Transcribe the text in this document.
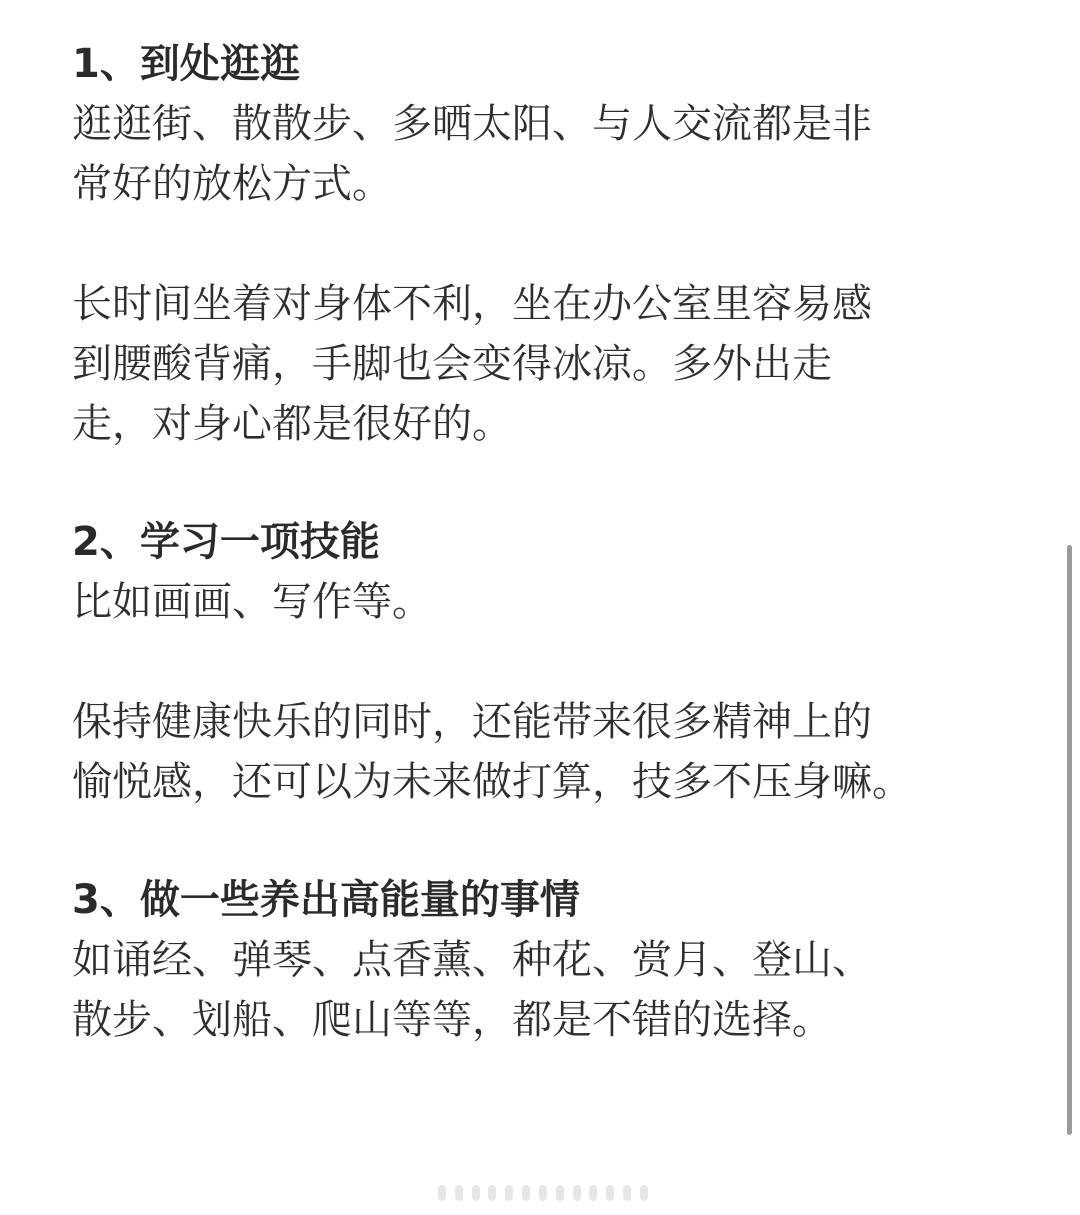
1、到处逛逛

逛逛街、散散步、多晒太阳、与人交流都是非
常好的放松方式。

长时间坐着对身体不利，坐在办公室里容易感
到腰酸背痛，手脚也会变得冰凉。多外出走
走，对身心都是很好的。

2、学习一项技能

比如画画、写作等。

保持健康快乐的同时，还能带来很多精神上的
愉悦感，还可以为未来做打算，技多不压身嘛。

3、做一些养出高能量的事情

如诵经、弹琴、点香薰、种花、赏月、登山、
散步、划船、爬山等等，都是不错的选择。
